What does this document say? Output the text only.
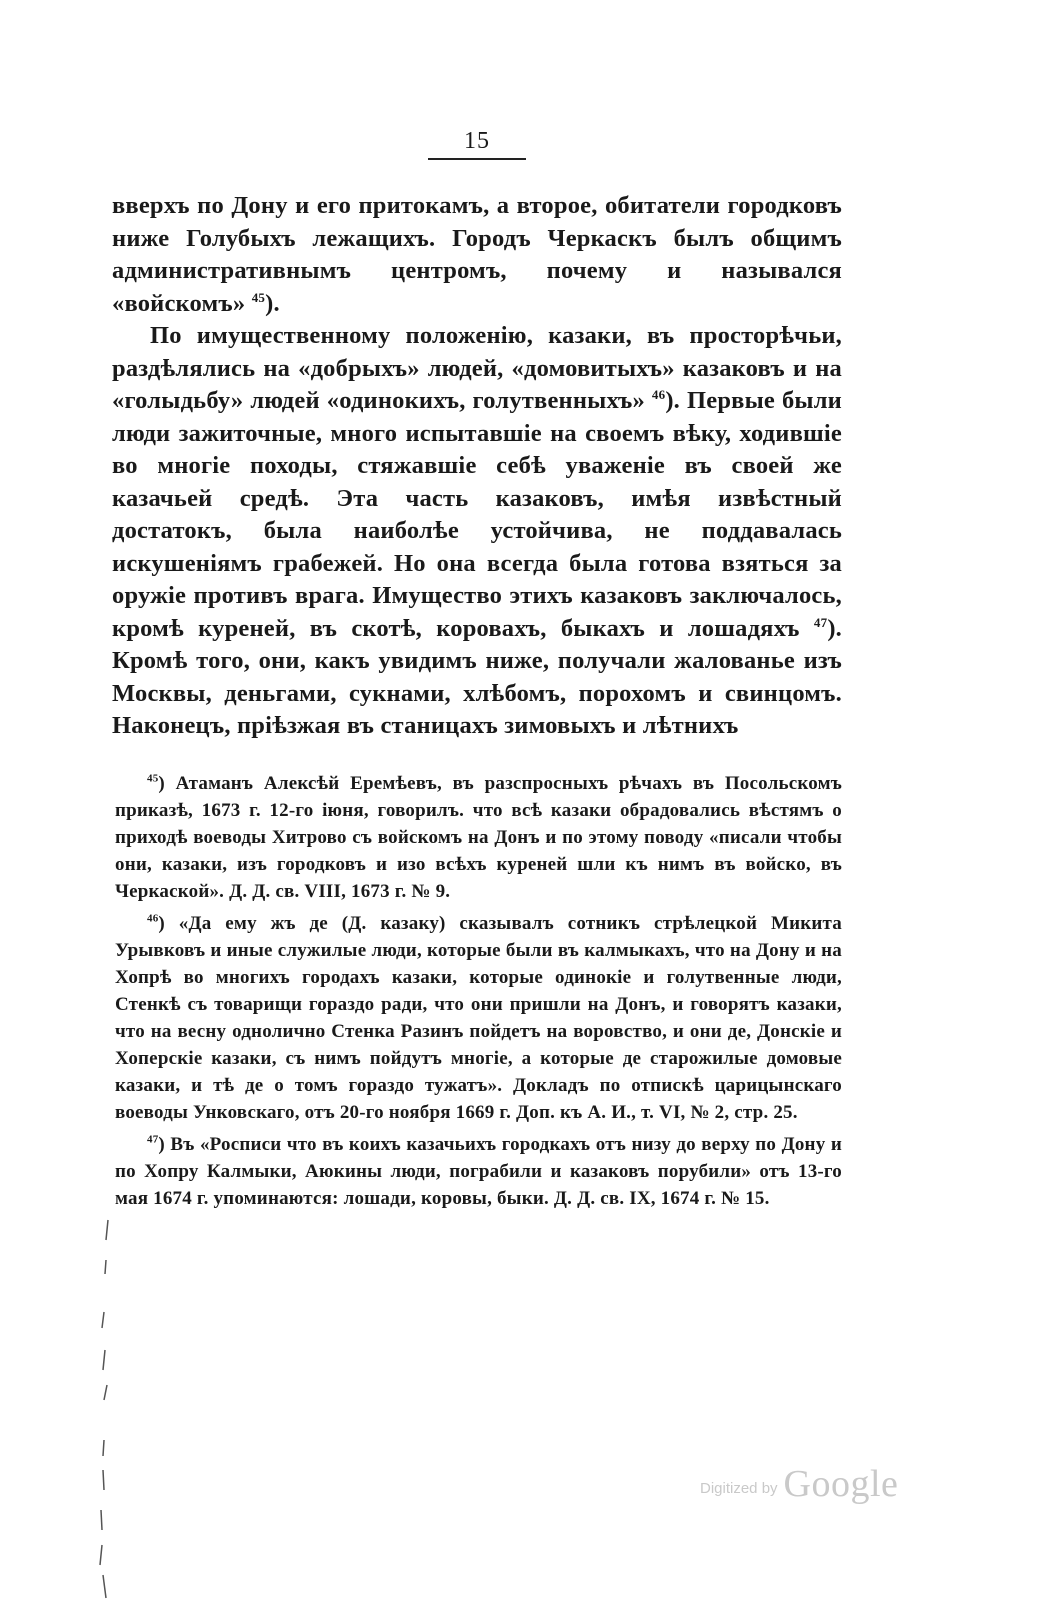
15

вверхъ по Дону и его притокамъ, а второе, обитатели городковъ ниже Голубыхъ лежащихъ. Городъ Черкаскъ былъ общимъ административнымъ центромъ, почему и назывался «войскомъ» $^{45}$).

По имущественному положенію, казаки, въ просторѣчьи, раздѣлялись на «добрыхъ» людей, «домовитыхъ» казаковъ и на «голыдьбу» людей «одинокихъ, голутвенныхъ» $^{46}$). Первые были люди зажиточные, много испытавшіе на своемъ вѣку, ходившіе во многіе походы, стяжавшіе себѣ уваженіе въ своей же казачьей средѣ. Эта часть казаковъ, имѣя извѣстный достатокъ, была наиболѣе устойчива, не поддавалась искушеніямъ грабежей. Но она всегда была готова взяться за оружіе противъ врага. Имущество этихъ казаковъ заключалось, кромѣ куреней, въ скотѣ, коровахъ, быкахъ и лошадяхъ $^{47}$). Кромѣ того, они, какъ увидимъ ниже, получали жалованье изъ Москвы, деньгами, сукнами, хлѣбомъ, порохомъ и свинцомъ. Наконецъ, пріѣзжая въ станицахъ зимовыхъ и лѣтнихъ

$^{45}$) Атаманъ Алексѣй Еремѣевъ, въ разспросныхъ рѣчахъ въ Посольскомъ приказѣ, 1673 г. 12-го іюня, говорилъ. что всѣ казаки обрадовались вѣстямъ о приходѣ воеводы Хитрово съ войскомъ на Донъ и по этому поводу «писали чтобы они, казаки, изъ городковъ и изо всѣхъ куреней шли къ нимъ въ войско, въ Черкаской». Д. Д. св. VIII, 1673 г. № 9.

$^{46}$) «Да ему жъ де (Д. казаку) сказывалъ сотникъ стрѣлецкой Микита Урывковъ и иные служилые люди, которые были въ калмыкахъ, что на Дону и на Хопрѣ во многихъ городахъ казаки, которые одинокіе и голутвенные люди, Стенкѣ съ товарищи гораздо ради, что они пришли на Донъ, и говорятъ казаки, что на весну однолично Стенка Разинъ пойдетъ на воровство, и они де, Донскіе и Хоперскіе казаки, съ нимъ пойдутъ многіе, а которые де старожилые домовые казаки, и тѣ де о томъ гораздо тужатъ». Докладъ по отпискѣ царицынскаго воеводы Унковскаго, отъ 20-го ноября 1669 г. Доп. къ А. И., т. VI, № 2, стр. 25.

$^{47}$) Въ «Росписи что въ коихъ казачьихъ городкахъ отъ низу до верху по Дону и по Хопру Калмыки, Аюкины люди, пограбили и казаковъ порубили» отъ 13-го мая 1674 г. упоминаются: лошади, коровы, быки. Д. Д. св. IX, 1674 г. № 15.

Digitized by Google
